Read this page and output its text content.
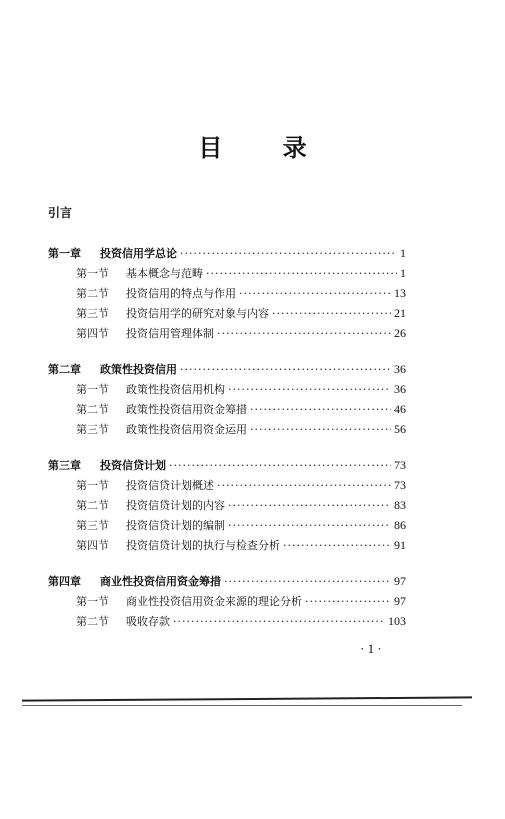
目 录
引言
第一章	投资信用学总论 ·····	1
第一节	基本概念与范畴 ·····	1
第二节	投资信用的特点与作用 ·····	13
第三节	投资信用学的研究对象与内容 ·····	21
第四节	投资信用管理体制 ·····	26
第二章	政策性投资信用 ·····	36
第一节	政策性投资信用机构 ·····	36
第二节	政策性投资信用资金筹措 ·····	46
第三节	政策性投资信用资金运用 ·····	56
第三章	投资信贷计划 ·····	73
第一节	投资信贷计划概述 ·····	73
第二节	投资信贷计划的内容 ·····	83
第三节	投资信贷计划的编制 ·····	86
第四节	投资信贷计划的执行与检查分析 ·····	91
第四章	商业性投资信用资金筹措 ·····	97
第一节	商业性投资信用资金来源的理论分析 ·····	97
第二节	吸收存款 ·····	103
· 1 ·
